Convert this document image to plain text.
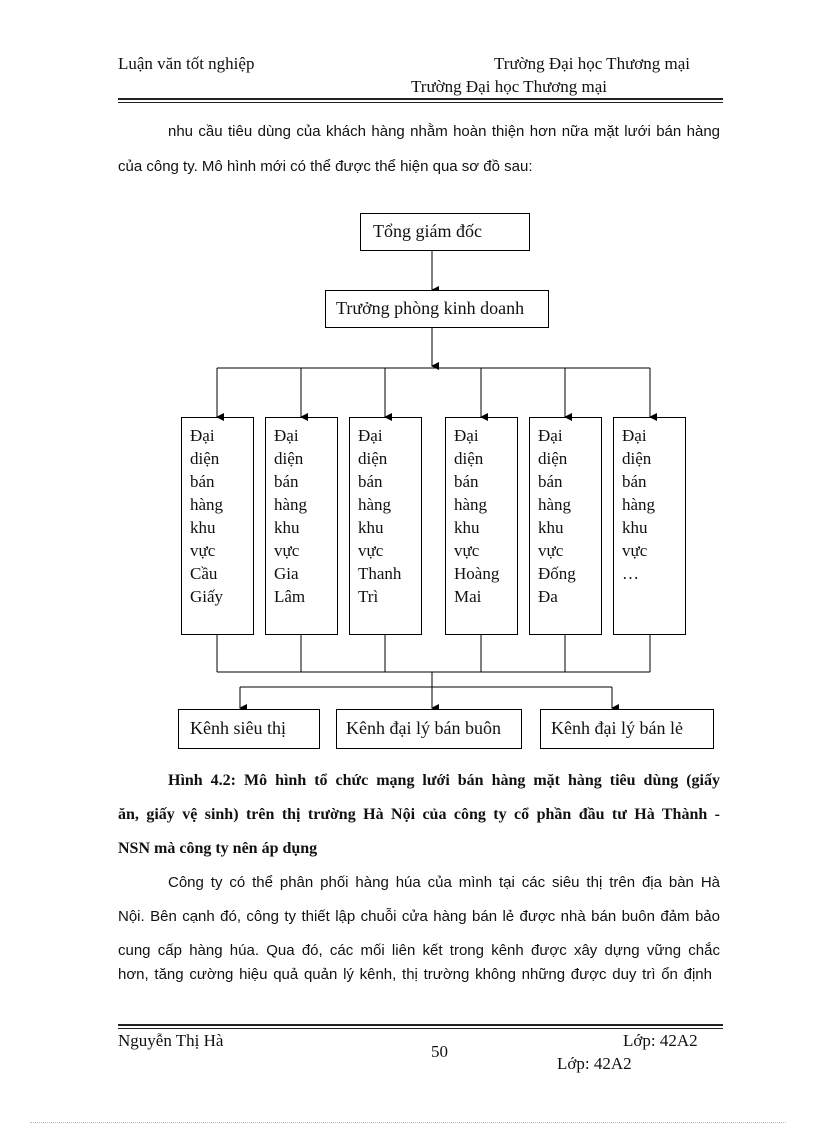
Luận văn tốt nghiệp	Trường Đại học Thương mại
Trường Đại học Thương mại
nhu cầu tiêu dùng của khách hàng nhằm hoàn thiện hơn nữa mặt lưới bán hàng
của công ty. Mô hình mới có thể được thể hiện qua sơ đồ sau:
Tổng giám đốc
Trưởng phòng kinh doanh
Đại
diện
bán
hàng
khu
vực
Cầu
Giấy
Đại
diện
bán
hàng
khu
vực
Gia
Lâm
Đại
diện
bán
hàng
khu
vực
Thanh
Trì
Đại
diện
bán
hàng
khu
vực
Hoàng
Mai
Đại
diện
bán
hàng
khu
vực
Đống
Đa
Đại
diện
bán
hàng
khu
vực
…
Kênh siêu thị	Kênh đại lý bán buôn	Kênh đại lý bán lẻ
Hình 4.2: Mô hình tổ chức mạng lưới bán hàng mặt hàng tiêu dùng (giấy
ăn, giấy vệ sinh) trên thị trường Hà Nội của công ty cổ phần đầu tư Hà Thành -
NSN mà công ty nên áp dụng
Công ty có thể phân phối hàng húa của mình tại các siêu thị trên địa bàn Hà
Nội. Bên cạnh đó, công ty thiết lập chuỗi cửa hàng bán lẻ được nhà bán buôn đảm bảo
cung cấp hàng húa. Qua đó, các mối liên kết trong kênh được xây dựng vững chắc
hơn, tăng cường hiệu quả quản lý kênh, thị trường không những được duy trì ổn định
Nguyễn Thị Hà
50
Lớp: 42A2
Lớp: 42A2
